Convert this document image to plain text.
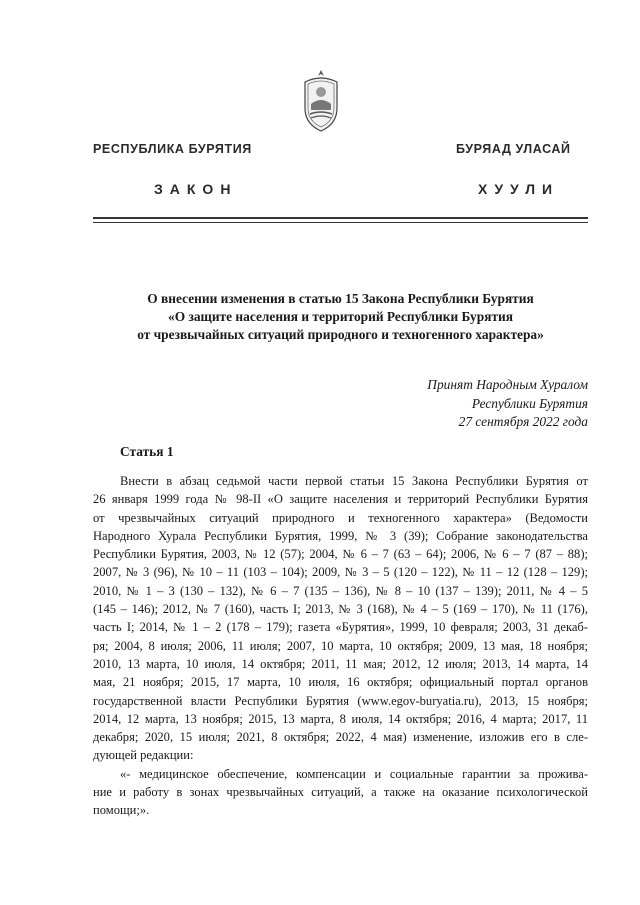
РЕСПУБЛИКА БУРЯТИЯ	БУРЯАД УЛАСАЙ
ЗАКОН	ХУУЛИ
О внесении изменения в статью 15 Закона Республики Бурятия
«О защите населения и территорий Республики Бурятия
от чрезвычайных ситуаций природного и техногенного характера»
Принят Народным Хуралом
Республики Бурятия
27 сентября 2022 года
Статья 1
Внести в абзац седьмой части первой статьи 15 Закона Республики Бурятия от
26 января 1999 года № 98-II «О защите населения и территорий Республики Бурятия
от чрезвычайных ситуаций природного и техногенного характера» (Ведомости
Народного Хурала Республики Бурятия, 1999, № 3 (39); Собрание законодательства
Республики Бурятия, 2003, № 12 (57); 2004, № 6 – 7 (63 – 64); 2006, № 6 – 7 (87 – 88);
2007, № 3 (96), № 10 – 11 (103 – 104); 2009, № 3 – 5 (120 – 122), № 11 – 12 (128 – 129);
2010, № 1 – 3 (130 – 132), № 6 – 7 (135 – 136), № 8 – 10 (137 – 139); 2011, № 4 – 5
(145 – 146); 2012, № 7 (160), часть I; 2013, № 3 (168), № 4 – 5 (169 – 170), № 11 (176),
часть I; 2014, № 1 – 2 (178 – 179); газета «Бурятия», 1999, 10 февраля; 2003, 31 декаб-
ря; 2004, 8 июля; 2006, 11 июля; 2007, 10 марта, 10 октября; 2009, 13 мая, 18 ноября;
2010, 13 марта, 10 июля, 14 октября; 2011, 11 мая; 2012, 12 июля; 2013, 14 марта, 14
мая, 21 ноября; 2015, 17 марта, 10 июля, 16 октября; официальный портал органов
государственной власти Республики Бурятия (www.egov-buryatia.ru), 2013, 15 ноября;
2014, 12 марта, 13 ноября; 2015, 13 марта, 8 июля, 14 октября; 2016, 4 марта; 2017, 11
декабря; 2020, 15 июля; 2021, 8 октября; 2022, 4 мая) изменение, изложив его в сле-
дующей редакции:
«- медицинское обеспечение, компенсации и социальные гарантии за прожива-
ние и работу в зонах чрезвычайных ситуаций, а также на оказание психологической
помощи;».
